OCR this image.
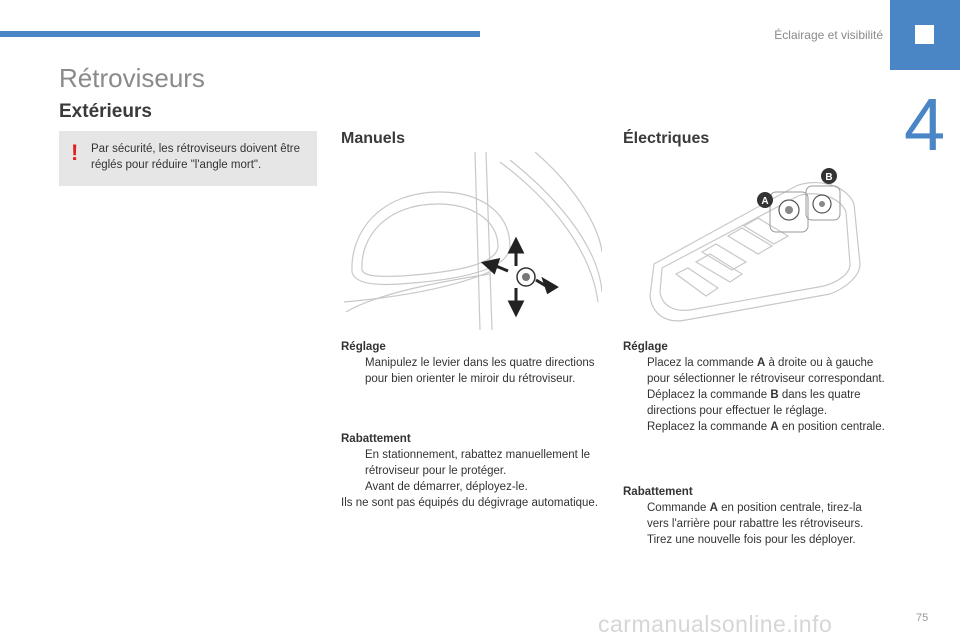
Éclairage et visibilité
4
Rétroviseurs
Extérieurs
! Par sécurité, les rétroviseurs doivent être réglés pour réduire "l'angle mort".
Manuels
Réglage
Manipulez le levier dans les quatre directions pour bien orienter le miroir du rétroviseur.
Rabattement
En stationnement, rabattez manuellement le rétroviseur pour le protéger.
Avant de démarrer, déployez-le.
Ils ne sont pas équipés du dégivrage automatique.
Électriques
A
B
Réglage
Placez la commande A à droite ou à gauche pour sélectionner le rétroviseur correspondant.
Déplacez la commande B dans les quatre directions pour effectuer le réglage.
Replacez la commande A en position centrale.
Rabattement
Commande A en position centrale, tirez-la vers l'arrière pour rabattre les rétroviseurs.
Tirez une nouvelle fois pour les déployer.
carmanualsonline.info	75
